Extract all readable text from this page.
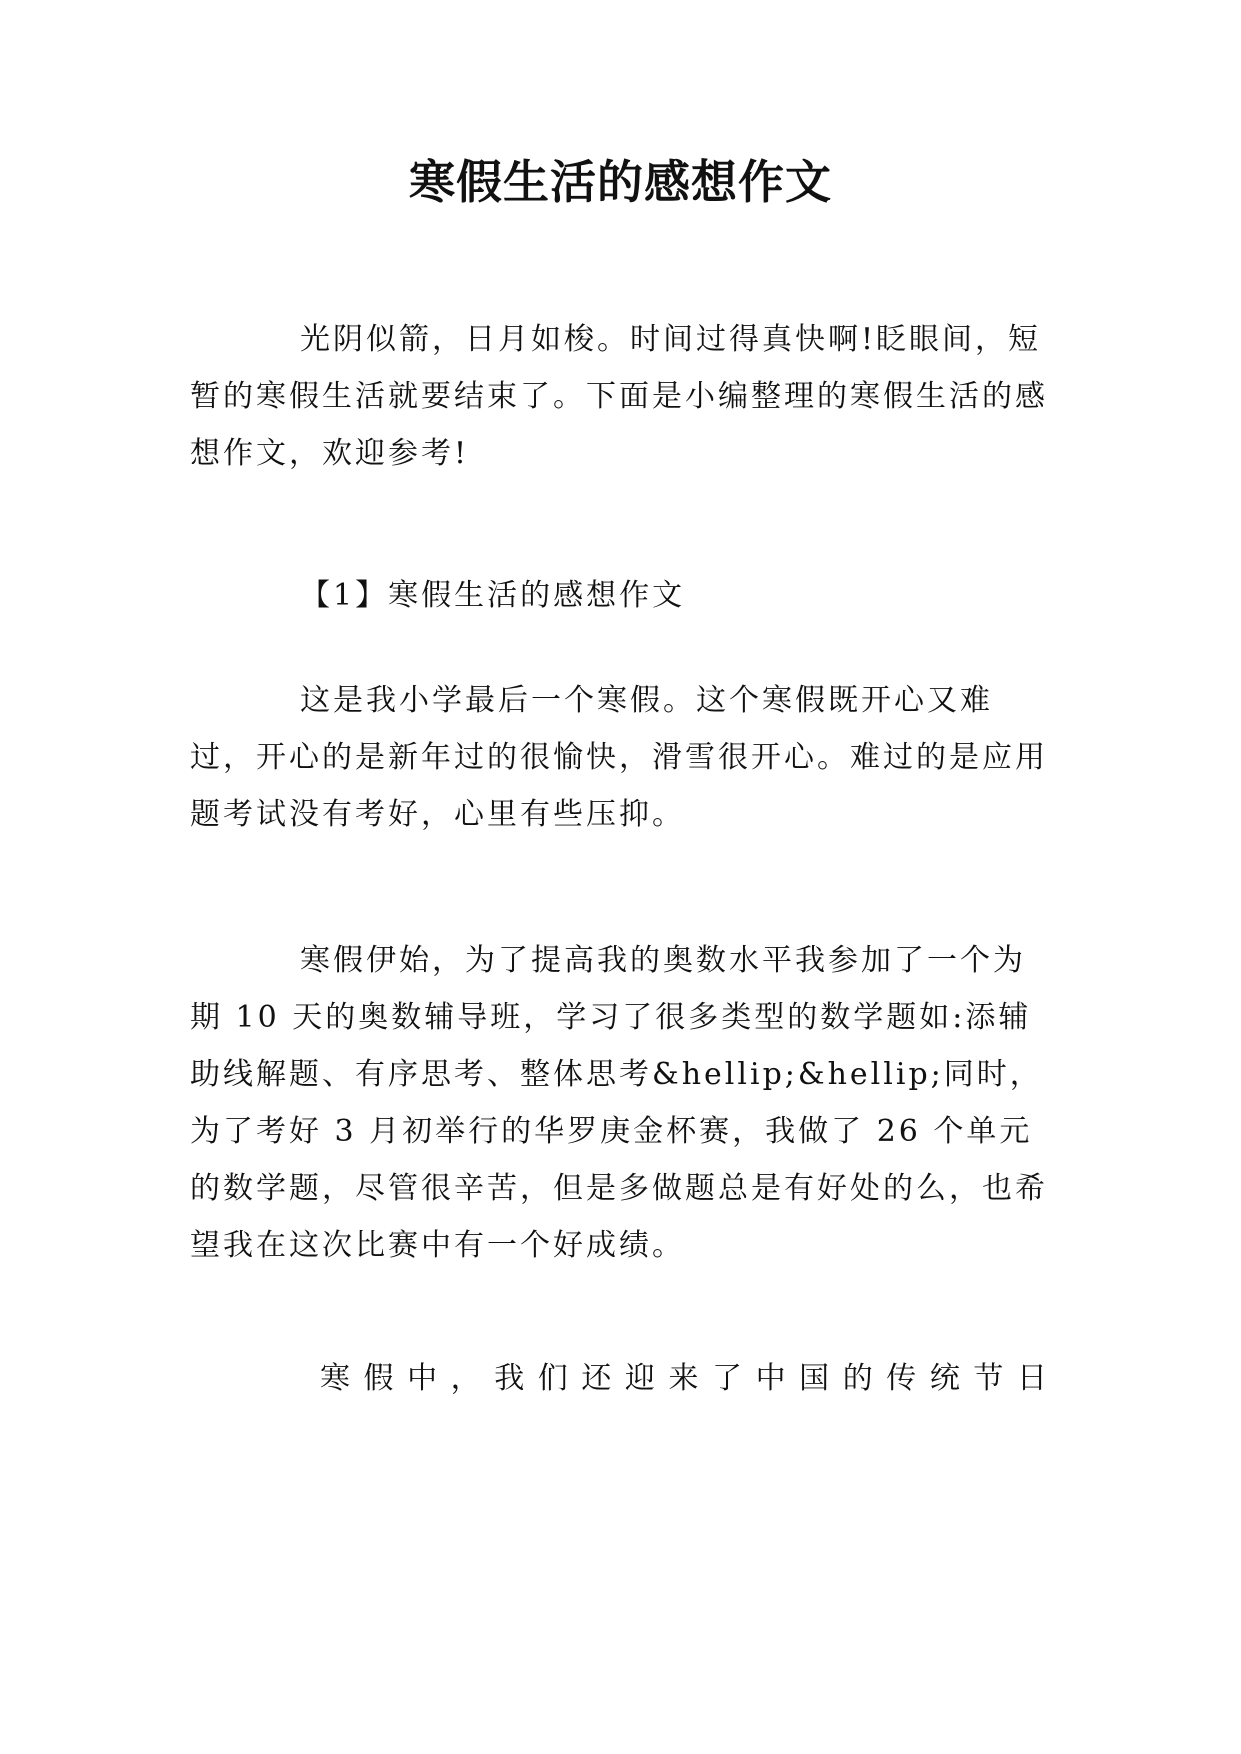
寒假生活的感想作文

光阴似箭，日月如梭。时间过得真快啊!眨眼间，短暂的寒假生活就要结束了。下面是小编整理的寒假生活的感想作文，欢迎参考!

【1】寒假生活的感想作文

这是我小学最后一个寒假。这个寒假既开心又难过，开心的是新年过的很愉快，滑雪很开心。难过的是应用题考试没有考好，心里有些压抑。

寒假伊始，为了提高我的奥数水平我参加了一个为期 10 天的奥数辅导班，学习了很多类型的数学题如:添辅助线解题、有序思考、整体思考&hellip;&hellip;同时，为了考好 3 月初举行的华罗庚金杯赛，我做了 26 个单元的数学题，尽管很辛苦，但是多做题总是有好处的么，也希望我在这次比赛中有一个好成绩。

寒假中，我们还迎来了中国的传统节日
